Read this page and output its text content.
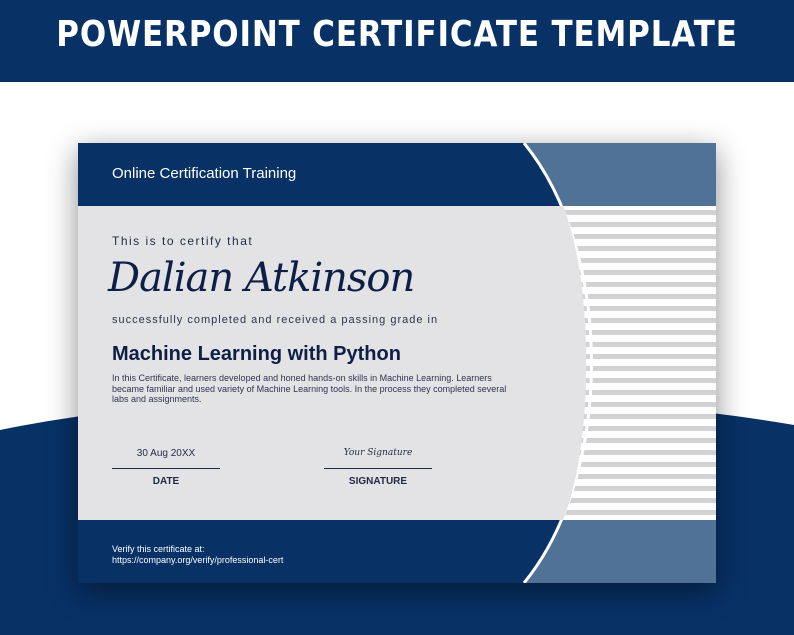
POWERPOINT CERTIFICATE TEMPLATE
Online Certification Training
This is to certify that
Dalian Atkinson
successfully completed and received a passing grade in
Machine Learning with Python
In this Certificate, learners developed and honed hands-on skills in Machine Learning. Learners became familiar and used variety of Machine Learning tools. In the process they completed several labs and assignments.
30 Aug 20XX
DATE
Your Signature
SIGNATURE
Verify this certificate at:
https://company.org/verify/professional-cert
